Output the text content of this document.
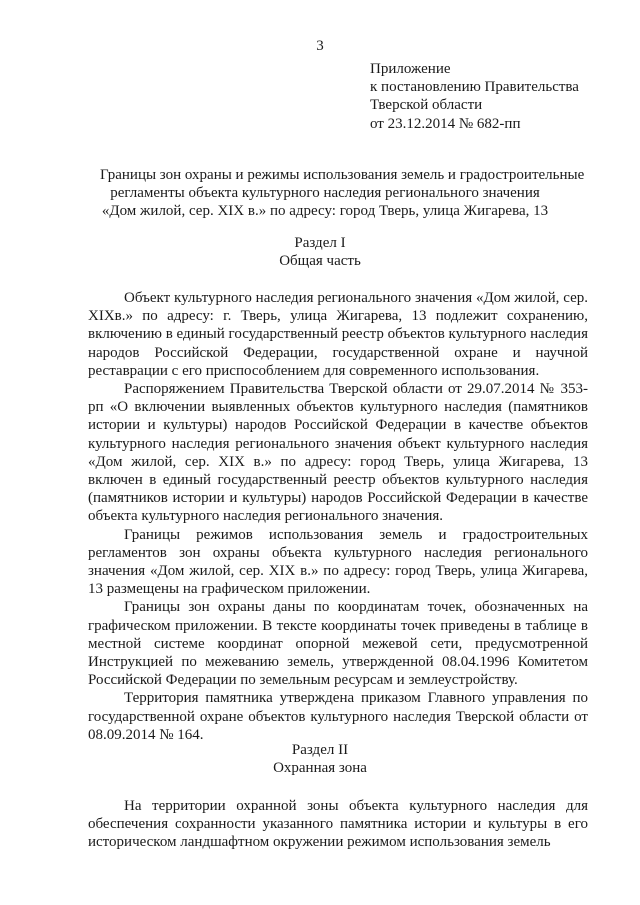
3
Приложение
к постановлению Правительства
Тверской области
от 23.12.2014 № 682-пп
Границы зон охраны и режимы использования земель и градостроительные
регламенты объекта культурного наследия регионального значения
«Дом жилой, сер. XIX в.» по адресу: город Тверь, улица Жигарева, 13
Раздел I
Общая часть

Объект культурного наследия регионального значения «Дом жилой, сер. XIXв.» по адресу: г. Тверь, улица Жигарева, 13 подлежит сохранению, включению в единый государственный реестр объектов культурного наследия народов Российской Федерации, государственной охране и научной реставрации с его приспособлением для современного использования.

Распоряжением Правительства Тверской области от 29.07.2014 № 353-рп «О включении выявленных объектов культурного наследия (памятников истории и культуры) народов Российской Федерации в качестве объектов культурного наследия регионального значения объект культурного наследия «Дом жилой, сер. XIX в.» по адресу: город Тверь, улица Жигарева, 13 включен в единый государственный реестр объектов культурного наследия (памятников истории и культуры) народов Российской Федерации в качестве объекта культурного наследия регионального значения.

Границы режимов использования земель и градостроительных регламентов зон охраны объекта культурного наследия регионального значения «Дом жилой, сер. XIX в.» по адресу: город Тверь, улица Жигарева, 13 размещены на графическом приложении.

Границы зон охраны даны по координатам точек, обозначенных на графическом приложении. В тексте координаты точек приведены в таблице в местной системе координат опорной межевой сети, предусмотренной Инструкцией по межеванию земель, утвержденной 08.04.1996 Комитетом Российской Федерации по земельным ресурсам и землеустройству.

Территория памятника утверждена приказом Главного управления по государственной охране объектов культурного наследия Тверской области от 08.09.2014 № 164.

Раздел II
Охранная зона

На территории охранной зоны объекта культурного наследия для обеспечения сохранности указанного памятника истории и культуры в его историческом ландшафтном окружении режимом использования земель
